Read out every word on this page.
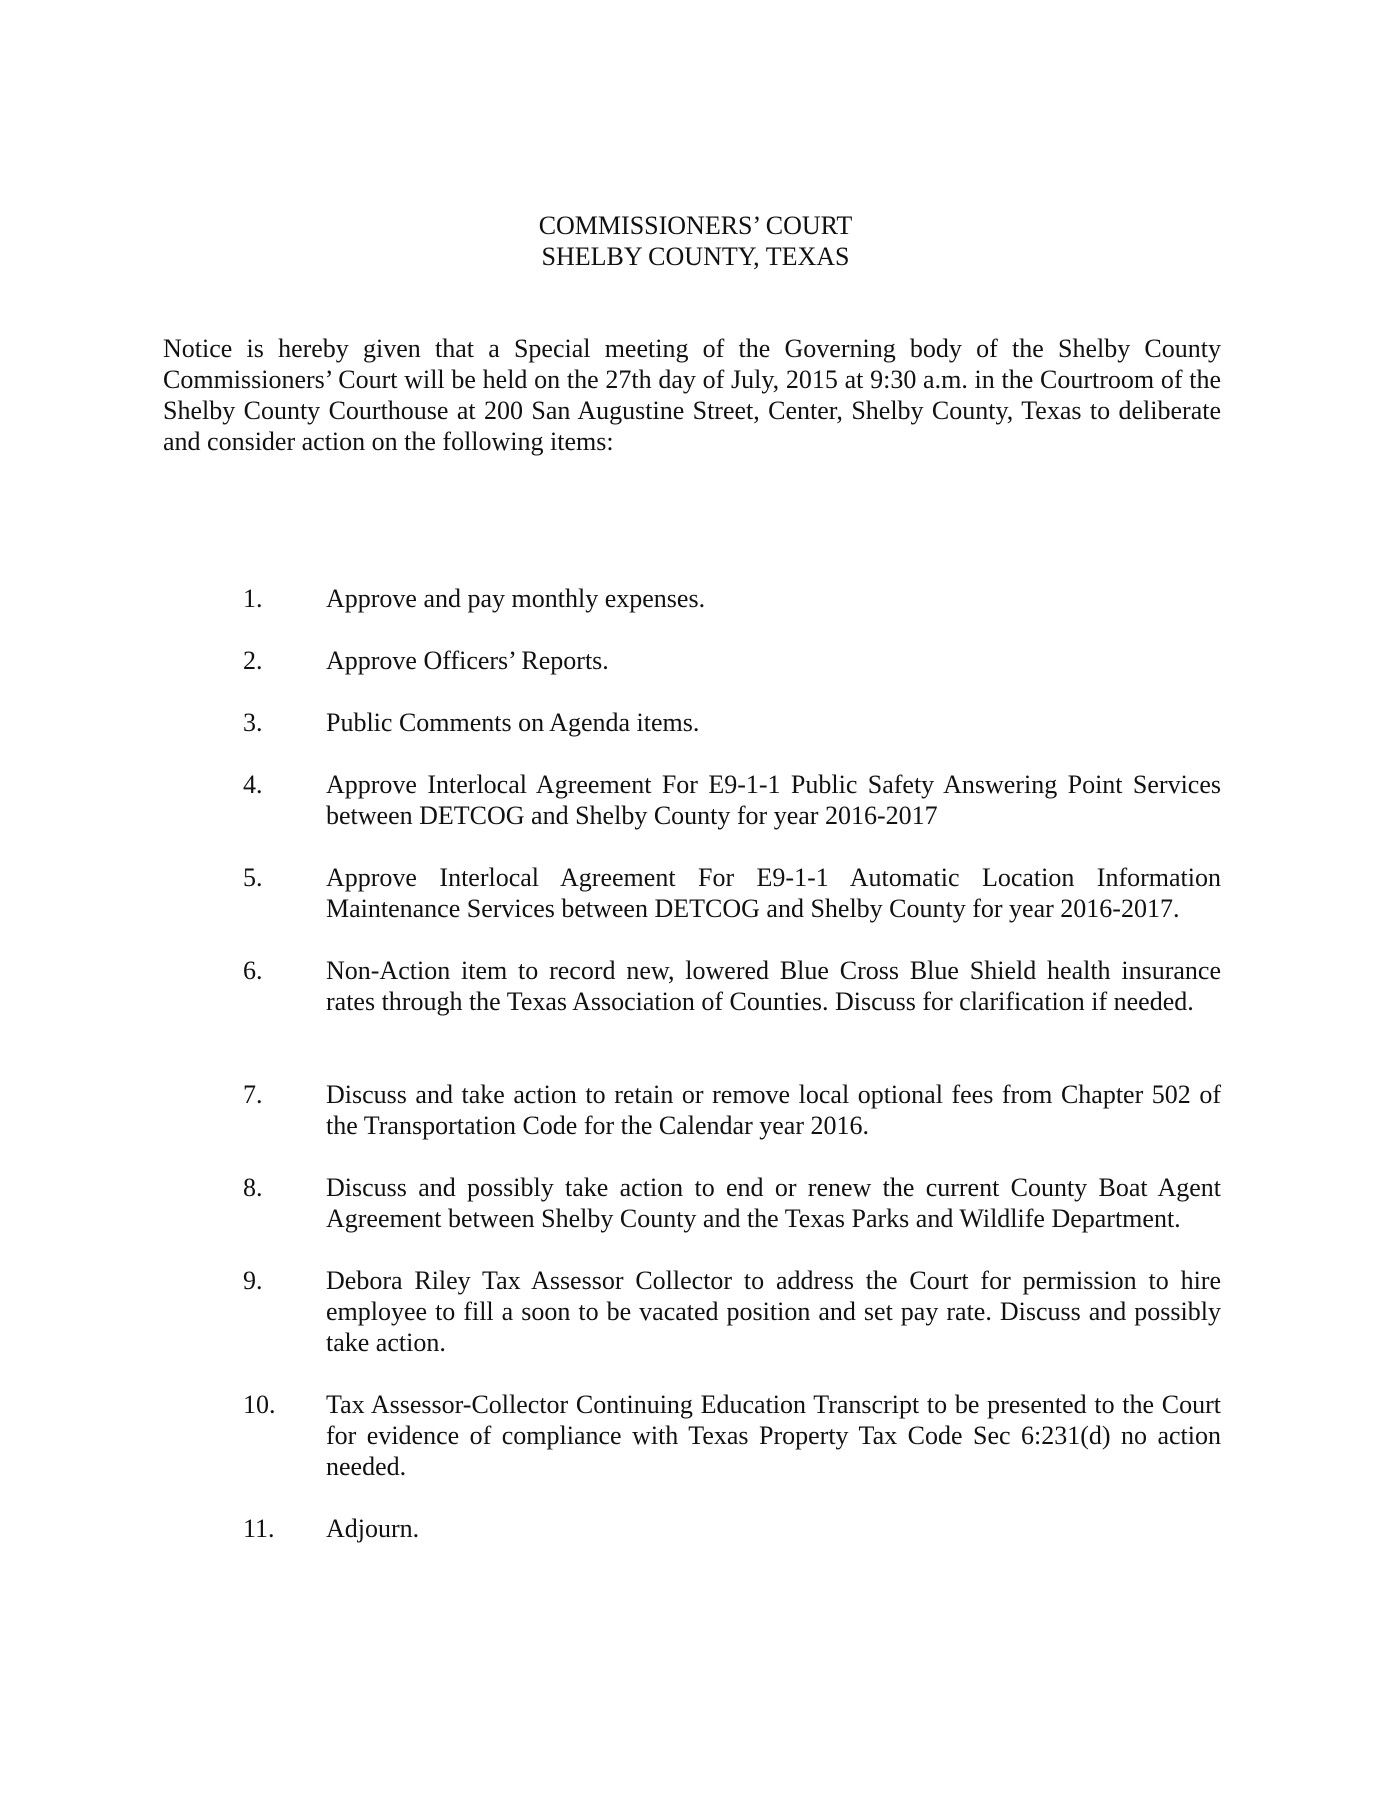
COMMISSIONERS’ COURT
SHELBY COUNTY, TEXAS
Notice is hereby given that a Special meeting of the Governing body of the Shelby County Commissioners’ Court will be held on the 27th day of July, 2015 at 9:30 a.m. in the Courtroom of the Shelby County Courthouse at 200 San Augustine Street, Center, Shelby County, Texas to deliberate and consider action on the following items:
1. Approve and pay monthly expenses.
2. Approve Officers’ Reports.
3. Public Comments on Agenda items.
4. Approve Interlocal Agreement For E9-1-1 Public Safety Answering Point Services between DETCOG and Shelby County for year 2016-2017
5. Approve Interlocal Agreement For E9-1-1 Automatic Location Information Maintenance Services between DETCOG and Shelby County for year 2016-2017.
6. Non-Action item to record new, lowered Blue Cross Blue Shield health insurance rates through the Texas Association of Counties. Discuss for clarification if needed.
7. Discuss and take action to retain or remove local optional fees from Chapter 502 of the Transportation Code for the Calendar year 2016.
8. Discuss and possibly take action to end or renew the current County Boat Agent Agreement between Shelby County and the Texas Parks and Wildlife Department.
9. Debora Riley Tax Assessor Collector to address the Court for permission to hire employee to fill a soon to be vacated position and set pay rate. Discuss and possibly take action.
10. Tax Assessor-Collector Continuing Education Transcript to be presented to the Court for evidence of compliance with Texas Property Tax Code Sec 6:231(d) no action needed.
11. Adjourn.
